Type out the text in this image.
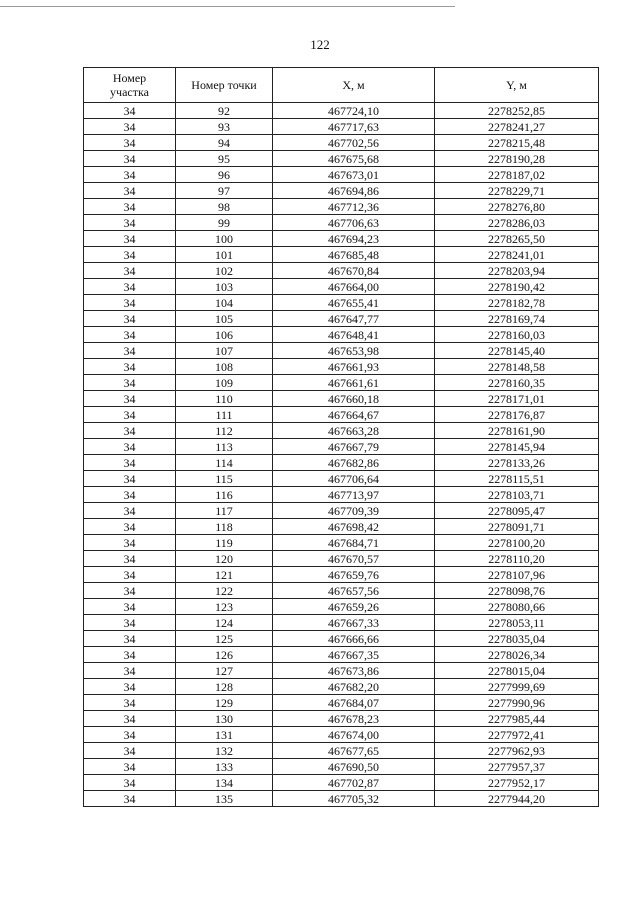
122
Номер
участка	Номер точки	X, м	Y, м
34	92	467724,10	2278252,85
34	93	467717,63	2278241,27
34	94	467702,56	2278215,48
34	95	467675,68	2278190,28
34	96	467673,01	2278187,02
34	97	467694,86	2278229,71
34	98	467712,36	2278276,80
34	99	467706,63	2278286,03
34	100	467694,23	2278265,50
34	101	467685,48	2278241,01
34	102	467670,84	2278203,94
34	103	467664,00	2278190,42
34	104	467655,41	2278182,78
34	105	467647,77	2278169,74
34	106	467648,41	2278160,03
34	107	467653,98	2278145,40
34	108	467661,93	2278148,58
34	109	467661,61	2278160,35
34	110	467660,18	2278171,01
34	111	467664,67	2278176,87
34	112	467663,28	2278161,90
34	113	467667,79	2278145,94
34	114	467682,86	2278133,26
34	115	467706,64	2278115,51
34	116	467713,97	2278103,71
34	117	467709,39	2278095,47
34	118	467698,42	2278091,71
34	119	467684,71	2278100,20
34	120	467670,57	2278110,20
34	121	467659,76	2278107,96
34	122	467657,56	2278098,76
34	123	467659,26	2278080,66
34	124	467667,33	2278053,11
34	125	467666,66	2278035,04
34	126	467667,35	2278026,34
34	127	467673,86	2278015,04
34	128	467682,20	2277999,69
34	129	467684,07	2277990,96
34	130	467678,23	2277985,44
34	131	467674,00	2277972,41
34	132	467677,65	2277962,93
34	133	467690,50	2277957,37
34	134	467702,87	2277952,17
34	135	467705,32	2277944,20
